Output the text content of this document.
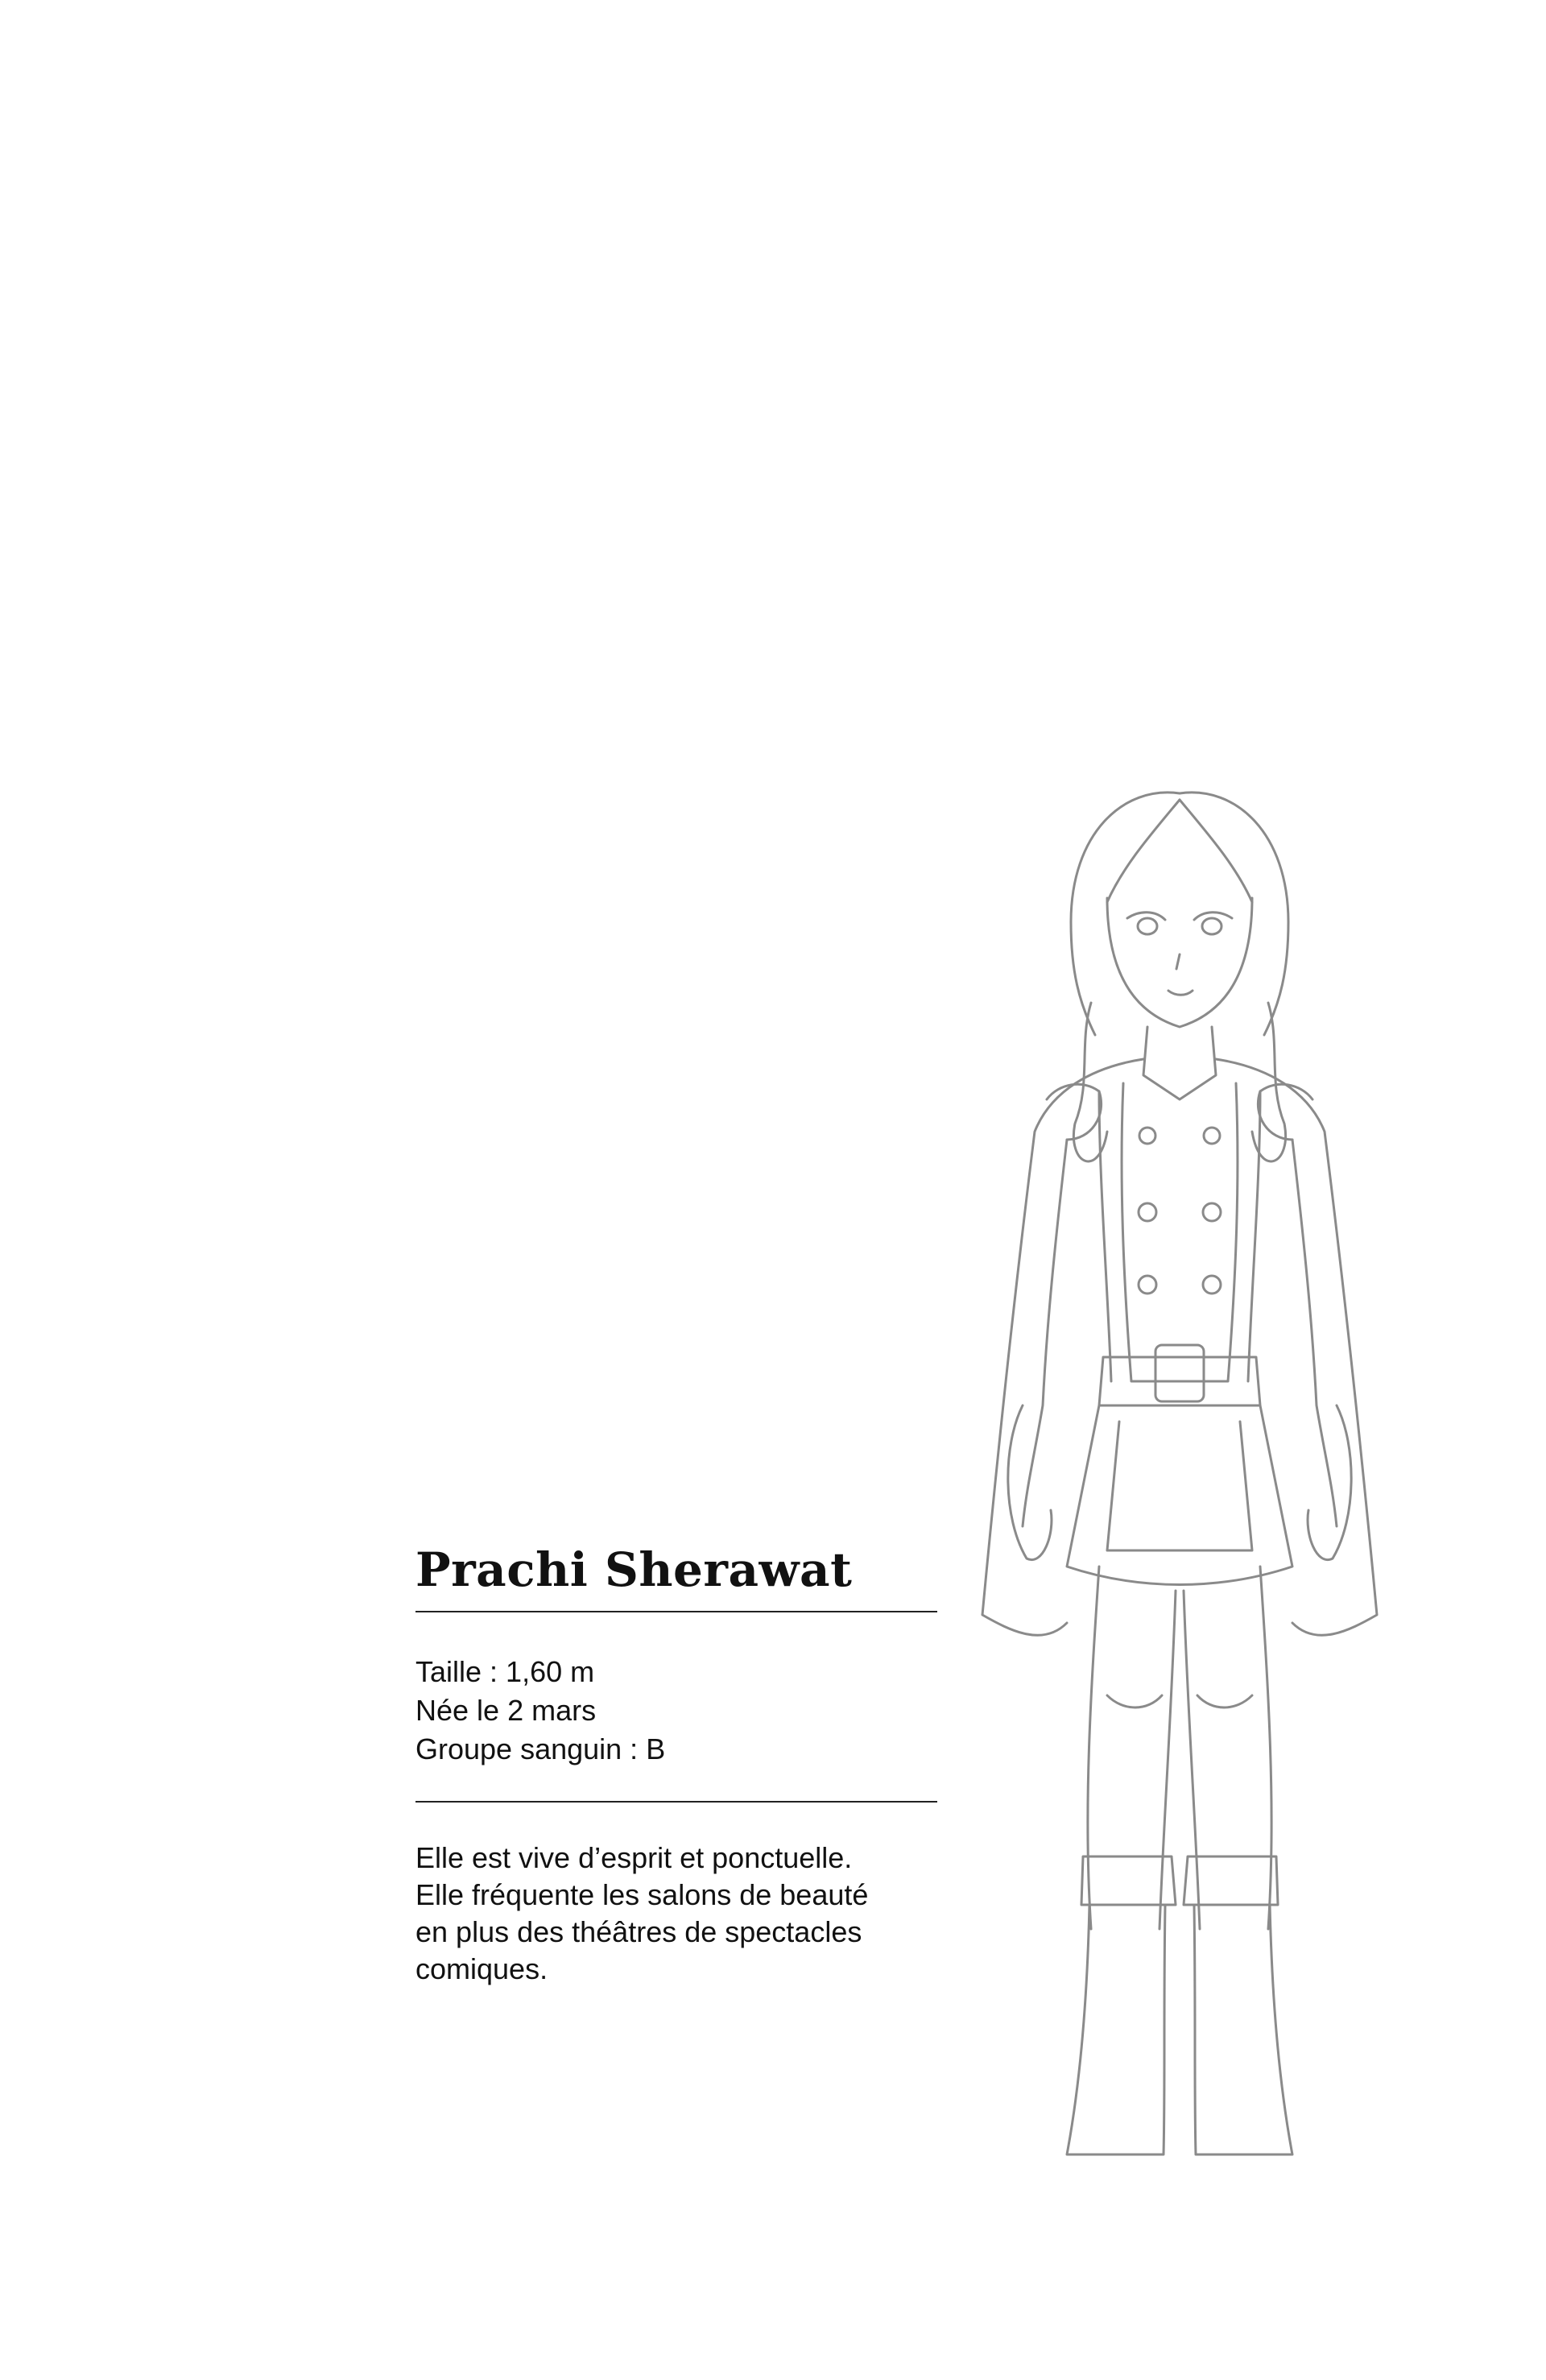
Prachi Sherawat
Taille : 1,60 m
Née le 2 mars
Groupe sanguin : B
Elle est vive d’esprit et ponctuelle.
Elle fréquente les salons de beauté
en plus des théâtres de spectacles
comiques.
